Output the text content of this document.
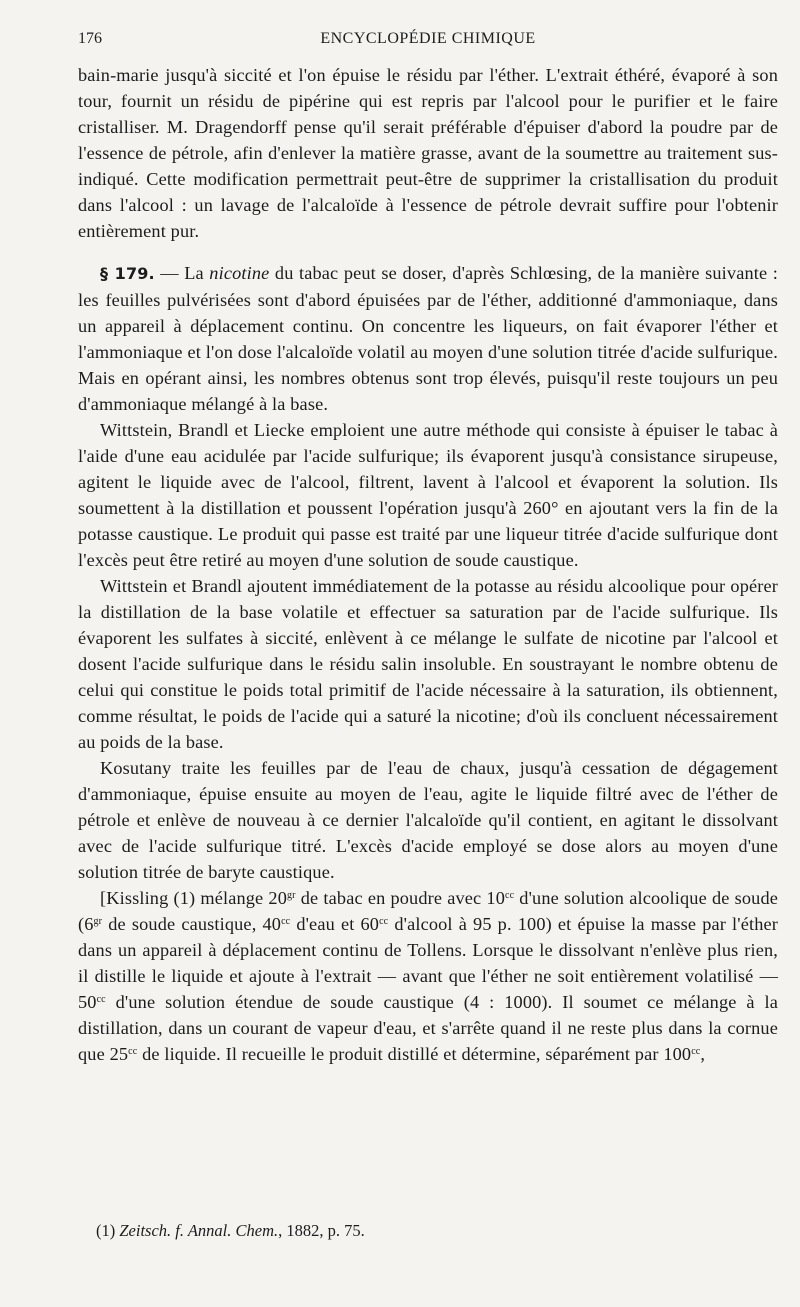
176	ENCYCLOPÉDIE CHIMIQUE

bain-marie jusqu'à siccité et l'on épuise le résidu par l'éther. L'extrait éthéré, évaporé à son tour, fournit un résidu de pipérine qui est repris par l'alcool pour le purifier et le faire cristalliser. M. Dragendorff pense qu'il serait préférable d'épuiser d'abord la poudre par de l'essence de pétrole, afin d'enlever la matière grasse, avant de la soumettre au traitement sus-indiqué. Cette modification permettrait peut-être de supprimer la cristallisation du produit dans l'alcool : un lavage de l'alcaloïde à l'essence de pétrole devrait suffire pour l'obtenir entièrement pur.

§ 179. — La nicotine du tabac peut se doser, d'après Schlœsing, de la manière suivante : les feuilles pulvérisées sont d'abord épuisées par de l'éther, additionné d'ammoniaque, dans un appareil à déplacement continu. On concentre les liqueurs, on fait évaporer l'éther et l'ammoniaque et l'on dose l'alcaloïde volatil au moyen d'une solution titrée d'acide sulfurique. Mais en opérant ainsi, les nombres obtenus sont trop élevés, puisqu'il reste toujours un peu d'ammoniaque mélangé à la base.

Wittstein, Brandl et Liecke emploient une autre méthode qui consiste à épuiser le tabac à l'aide d'une eau acidulée par l'acide sulfurique; ils évaporent jusqu'à consistance sirupeuse, agitent le liquide avec de l'alcool, filtrent, lavent à l'alcool et évaporent la solution. Ils soumettent à la distillation et poussent l'opération jusqu'à 260° en ajoutant vers la fin de la potasse caustique. Le produit qui passe est traité par une liqueur titrée d'acide sulfurique dont l'excès peut être retiré au moyen d'une solution de soude caustique.

Wittstein et Brandl ajoutent immédiatement de la potasse au résidu alcoolique pour opérer la distillation de la base volatile et effectuer sa saturation par de l'acide sulfurique. Ils évaporent les sulfates à siccité, enlèvent à ce mélange le sulfate de nicotine par l'alcool et dosent l'acide sulfurique dans le résidu salin insoluble. En soustrayant le nombre obtenu de celui qui constitue le poids total primitif de l'acide nécessaire à la saturation, ils obtiennent, comme résultat, le poids de l'acide qui a saturé la nicotine; d'où ils concluent nécessairement au poids de la base.

Kosutany traite les feuilles par de l'eau de chaux, jusqu'à cessation de dégagement d'ammoniaque, épuise ensuite au moyen de l'eau, agite le liquide filtré avec de l'éther de pétrole et enlève de nouveau à ce dernier l'alcaloïde qu'il contient, en agitant le dissolvant avec de l'acide sulfurique titré. L'excès d'acide employé se dose alors au moyen d'une solution titrée de baryte caustique.

[Kissling (1) mélange $20^{gr}$ de tabac en poudre avec $10^{cc}$ d'une solution alcoolique de soude ($6^{gr}$ de soude caustique, $40^{cc}$ d'eau et $60^{cc}$ d'alcool à 95 p. 100) et épuise la masse par l'éther dans un appareil à déplacement continu de Tollens. Lorsque le dissolvant n'enlève plus rien, il distille le liquide et ajoute à l'extrait — avant que l'éther ne soit entièrement volatilisé — $50^{cc}$ d'une solution étendue de soude caustique (4 : 1000). Il soumet ce mélange à la distillation, dans un courant de vapeur d'eau, et s'arrête quand il ne reste plus dans la cornue que $25^{cc}$ de liquide. Il recueille le produit distillé et détermine, séparément par $100^{cc}$,

(1) Zeitsch. f. Annal. Chem., 1882, p. 75.
